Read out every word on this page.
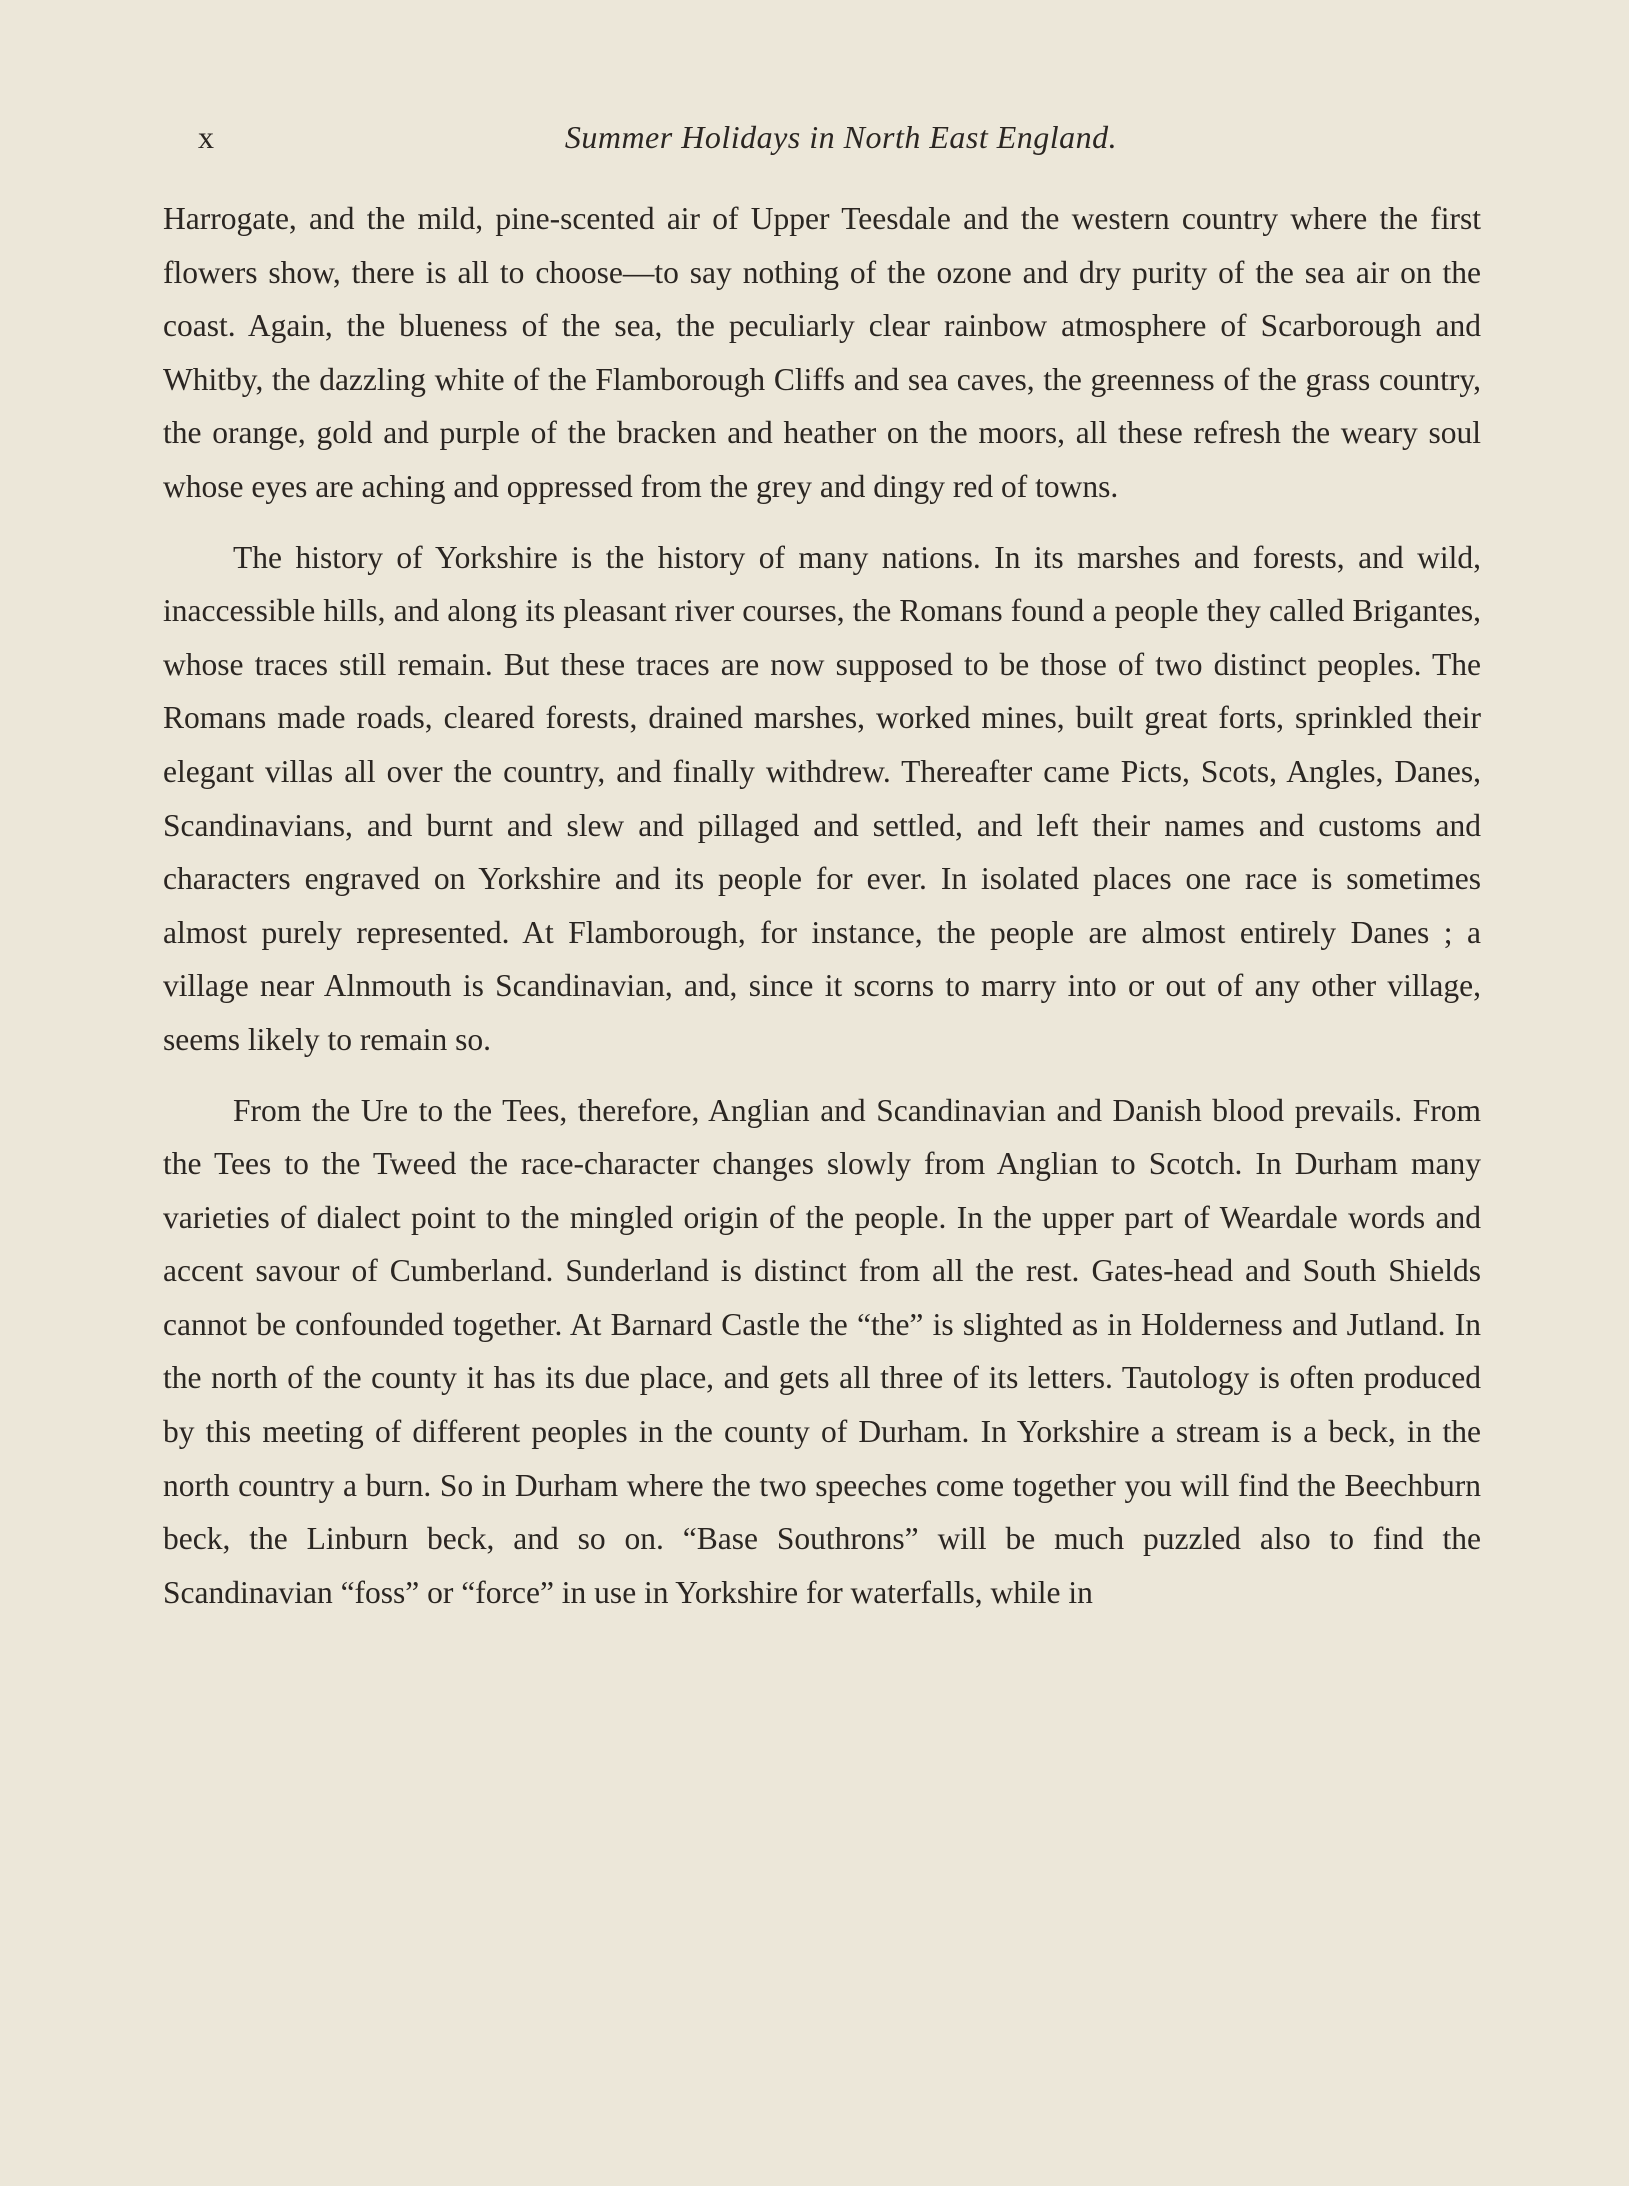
x	Summer Holidays in North East England.

Harrogate, and the mild, pine-scented air of Upper Teesdale and the western country where the first flowers show, there is all to choose—to say nothing of the ozone and dry purity of the sea air on the coast. Again, the blueness of the sea, the peculiarly clear rainbow atmosphere of Scarborough and Whitby, the dazzling white of the Flamborough Cliffs and sea caves, the greenness of the grass country, the orange, gold and purple of the bracken and heather on the moors, all these refresh the weary soul whose eyes are aching and oppressed from the grey and dingy red of towns.

The history of Yorkshire is the history of many nations. In its marshes and forests, and wild, inaccessible hills, and along its pleasant river courses, the Romans found a people they called Brigantes, whose traces still remain. But these traces are now supposed to be those of two distinct peoples. The Romans made roads, cleared forests, drained marshes, worked mines, built great forts, sprinkled their elegant villas all over the country, and finally withdrew. Thereafter came Picts, Scots, Angles, Danes, Scandinavians, and burnt and slew and pillaged and settled, and left their names and customs and characters engraved on Yorkshire and its people for ever. In isolated places one race is sometimes almost purely represented. At Flamborough, for instance, the people are almost entirely Danes ; a village near Alnmouth is Scandinavian, and, since it scorns to marry into or out of any other village, seems likely to remain so.

From the Ure to the Tees, therefore, Anglian and Scandinavian and Danish blood prevails. From the Tees to the Tweed the race-character changes slowly from Anglian to Scotch. In Durham many varieties of dialect point to the mingled origin of the people. In the upper part of Weardale words and accent savour of Cumberland. Sunderland is distinct from all the rest. Gates-head and South Shields cannot be confounded together. At Barnard Castle the “the” is slighted as in Holderness and Jutland. In the north of the county it has its due place, and gets all three of its letters. Tautology is often produced by this meeting of different peoples in the county of Durham. In Yorkshire a stream is a beck, in the north country a burn. So in Durham where the two speeches come together you will find the Beechburn beck, the Linburn beck, and so on. “Base Southrons” will be much puzzled also to find the Scandinavian “foss” or “force” in use in Yorkshire for waterfalls, while in
